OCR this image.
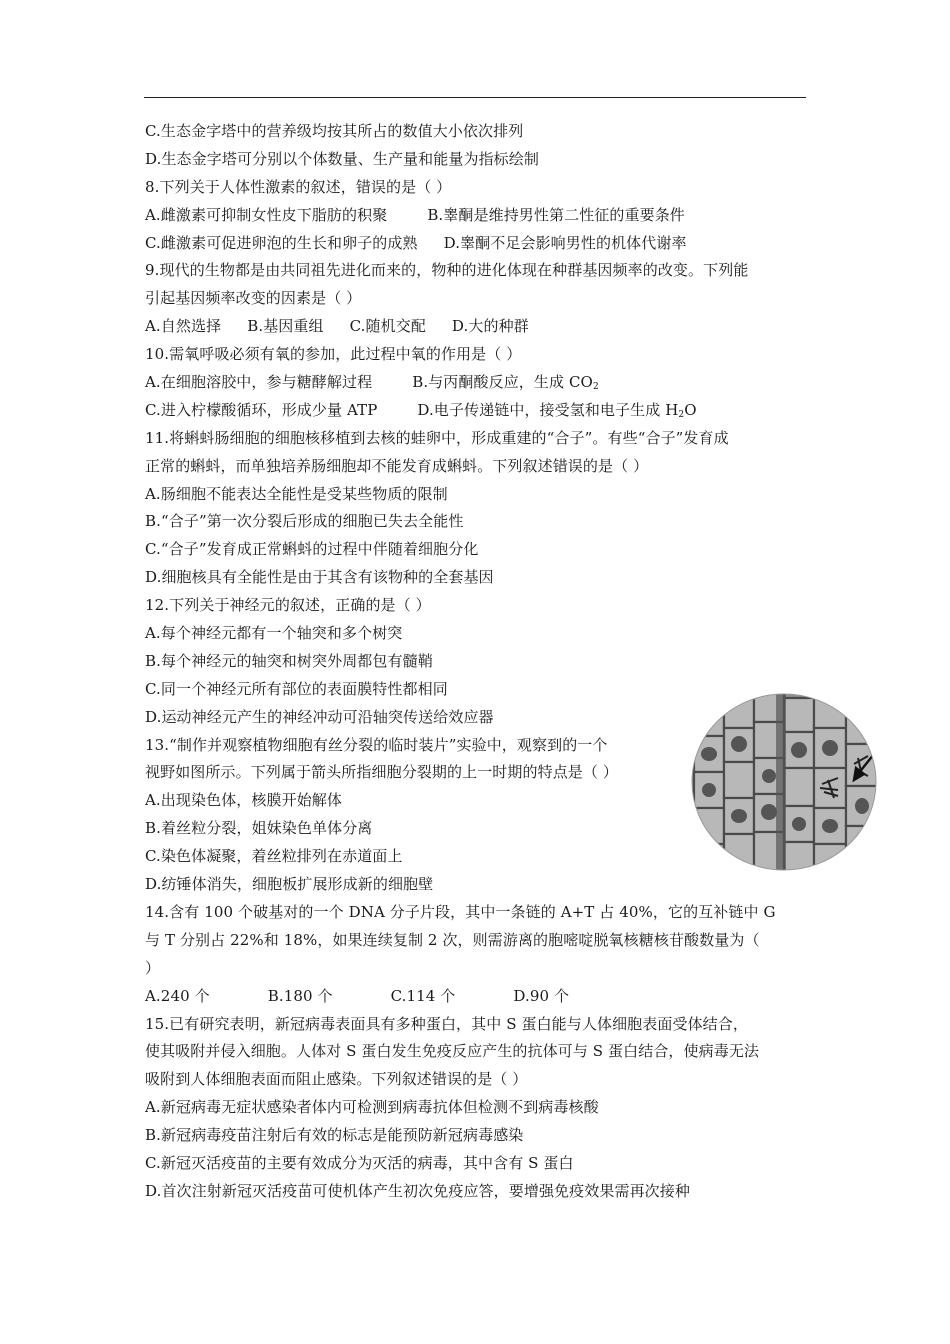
C.生态金字塔中的营养级均按其所占的数值大小依次排列
D.生态金字塔可分别以个体数量、生产量和能量为指标绘制
8.下列关于人体性激素的叙述，错误的是（ ）
A.雌激素可抑制女性皮下脂肪的积聚	B.睾酮是维持男性第二性征的重要条件
C.雌激素可促进卵泡的生长和卵子的成熟 D.睾酮不足会影响男性的机体代谢率
9.现代的生物都是由共同祖先进化而来的，物种的进化体现在种群基因频率的改变。下列能
引起基因频率改变的因素是（ ）
A.自然选择 B.基因重组 C.随机交配 D.大的种群
10.需氧呼吸必须有氧的参加，此过程中氧的作用是（ ）
A.在细胞溶胶中，参与糖酵解过程	B.与丙酮酸反应，生成 $CO_2$
C.进入柠檬酸循环，形成少量 ATP	D.电子传递链中，接受氢和电子生成 $H_2O$
11.将蝌蚪肠细胞的细胞核移植到去核的蛙卵中，形成重建的“合子”。有些“合子”发育成
正常的蝌蚪，而单独培养肠细胞却不能发育成蝌蚪。下列叙述错误的是（ ）
A.肠细胞不能表达全能性是受某些物质的限制
B.“合子”第一次分裂后形成的细胞已失去全能性
C.“合子”发育成正常蝌蚪的过程中伴随着细胞分化
D.细胞核具有全能性是由于其含有该物种的全套基因
12.下列关于神经元的叙述，正确的是（ ）
A.每个神经元都有一个轴突和多个树突
B.每个神经元的轴突和树突外周都包有髓鞘
C.同一个神经元所有部位的表面膜特性都相同
D.运动神经元产生的神经冲动可沿轴突传送给效应器
13.“制作并观察植物细胞有丝分裂的临时装片”实验中，观察到的一个
视野如图所示。下列属于箭头所指细胞分裂期的上一时期的特点是（ ）
A.出现染色体，核膜开始解体
B.着丝粒分裂，姐妹染色单体分离
C.染色体凝聚，着丝粒排列在赤道面上
D.纺锤体消失，细胞板扩展形成新的细胞壁
14.含有 100 个破基对的一个 DNA 分子片段，其中一条链的 A+T 占 40%，它的互补链中 G
与 T 分别占 22%和 18%，如果连续复制 2 次，则需游离的胞嘧啶脱氧核糖核苷酸数量为（
）
A.240 个	B.180 个	C.114 个	D.90 个
15.已有研究表明，新冠病毒表面具有多种蛋白，其中 S 蛋白能与人体细胞表面受体结合，
使其吸附并侵入细胞。人体对 S 蛋白发生免疫反应产生的抗体可与 S 蛋白结合，使病毒无法
吸附到人体细胞表面而阻止感染。下列叙述错误的是（ ）
A.新冠病毒无症状感染者体内可检测到病毒抗体但检测不到病毒核酸
B.新冠病毒疫苗注射后有效的标志是能预防新冠病毒感染
C.新冠灭活疫苗的主要有效成分为灭活的病毒，其中含有 S 蛋白
D.首次注射新冠灭活疫苗可使机体产生初次免疫应答，要增强免疫效果需再次接种
